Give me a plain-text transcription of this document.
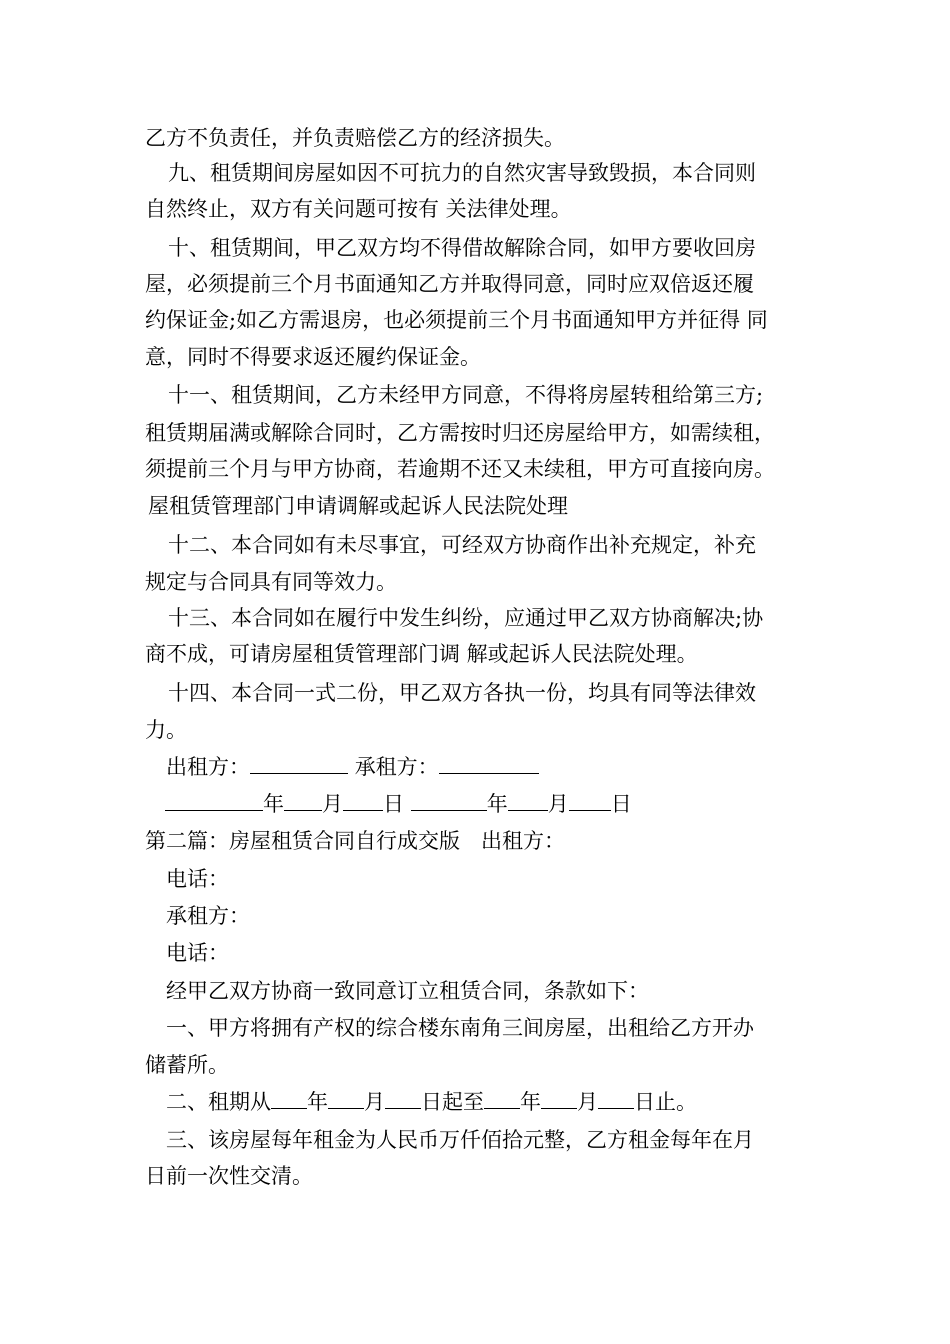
乙方不负责任，并负责赔偿乙方的经济损失。
九、租赁期间房屋如因不可抗力的自然灾害导致毁损，本合同则
自然终止，双方有关问题可按有 关法律处理。
十、租赁期间，甲乙双方均不得借故解除合同，如甲方要收回房
屋，必须提前三个月书面通知乙方并取得同意，同时应双倍返还履
约保证金;如乙方需退房，也必须提前三个月书面通知甲方并征得 同
意，同时不得要求返还履约保证金。
十一、租赁期间，乙方未经甲方同意，不得将房屋转租给第三方;
租赁期届满或解除合同时，乙方需按时归还房屋给甲方，如需续租，
须提前三个月与甲方协商，若逾期不还又未续租，甲方可直接向房。
屋租赁管理部门申请调解或起诉人民法院处理
十二、本合同如有未尽事宜，可经双方协商作出补充规定，补充
规定与合同具有同等效力。
十三、本合同如在履行中发生纠纷，应通过甲乙双方协商解决;协
商不成，可请房屋租赁管理部门调 解或起诉人民法院处理。
十四、本合同一式二份，甲乙双方各执一份，均具有同等法律效
力。
出租方：	承租方：
年 月 日	年 月 日
第二篇：房屋租赁合同自行成交版　出租方：
电话：
承租方：
电话：
经甲乙双方协商一致同意订立租赁合同，条款如下：
一、甲方将拥有产权的综合楼东南角三间房屋，出租给乙方开办
储蓄所。
二、租期从 年 月 日起至 年 月 日止。
三、该房屋每年租金为人民币万仟佰拾元整，乙方租金每年在月
日前一次性交清。
